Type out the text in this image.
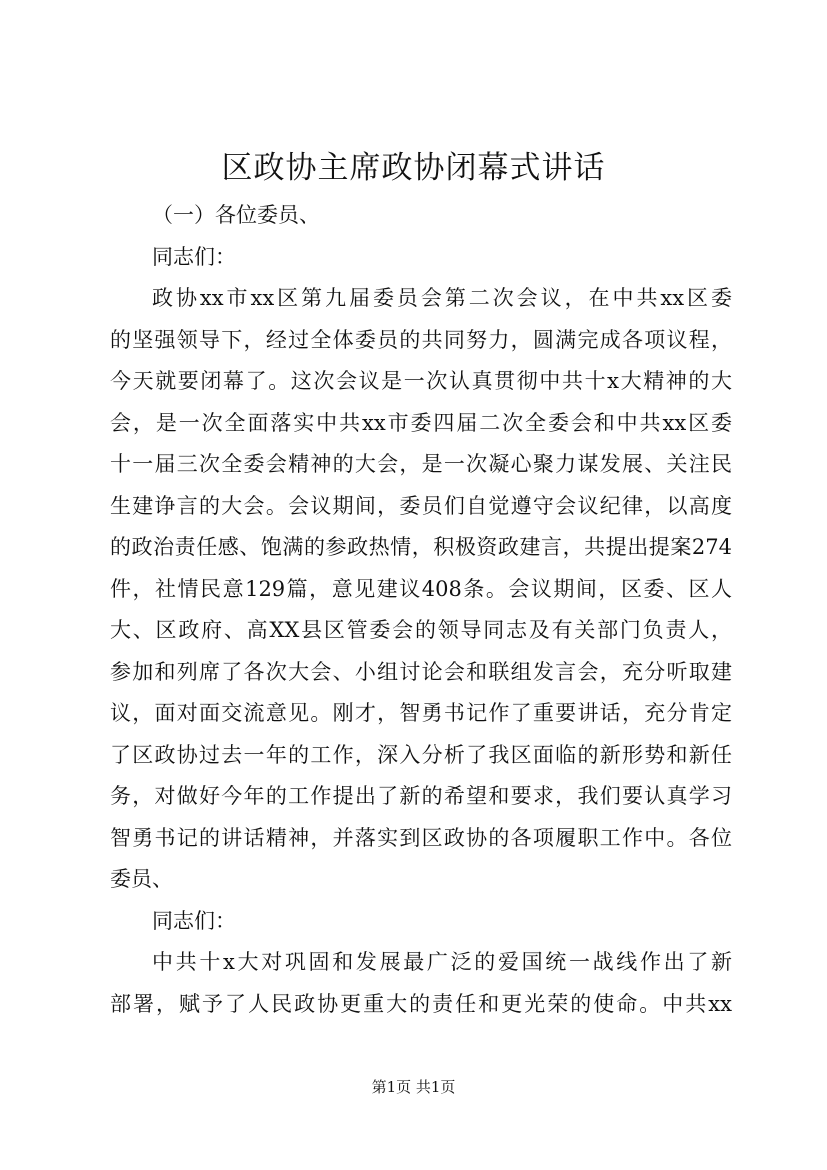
区政协主席政协闭幕式讲话
（一）各位委员、
同志们：
政协xx市xx区第九届委员会第二次会议，在中共xx区委
的坚强领导下，经过全体委员的共同努力，圆满完成各项议程，
今天就要闭幕了。这次会议是一次认真贯彻中共十x大精神的大
会，是一次全面落实中共xx市委四届二次全委会和中共xx区委
十一届三次全委会精神的大会，是一次凝心聚力谋发展、关注民
生建诤言的大会。会议期间，委员们自觉遵守会议纪律，以高度
的政治责任感、饱满的参政热情，积极资政建言，共提出提案274
件，社情民意129篇，意见建议408条。会议期间，区委、区人
大、区政府、高XX县区管委会的领导同志及有关部门负责人，
参加和列席了各次大会、小组讨论会和联组发言会，充分听取建
议，面对面交流意见。刚才，智勇书记作了重要讲话，充分肯定
了区政协过去一年的工作，深入分析了我区面临的新形势和新任
务，对做好今年的工作提出了新的希望和要求，我们要认真学习
智勇书记的讲话精神，并落实到区政协的各项履职工作中。各位
委员、
同志们：
中共十x大对巩固和发展最广泛的爱国统一战线作出了新
部署，赋予了人民政协更重大的责任和更光荣的使命。中共xx
第1页 共1页
